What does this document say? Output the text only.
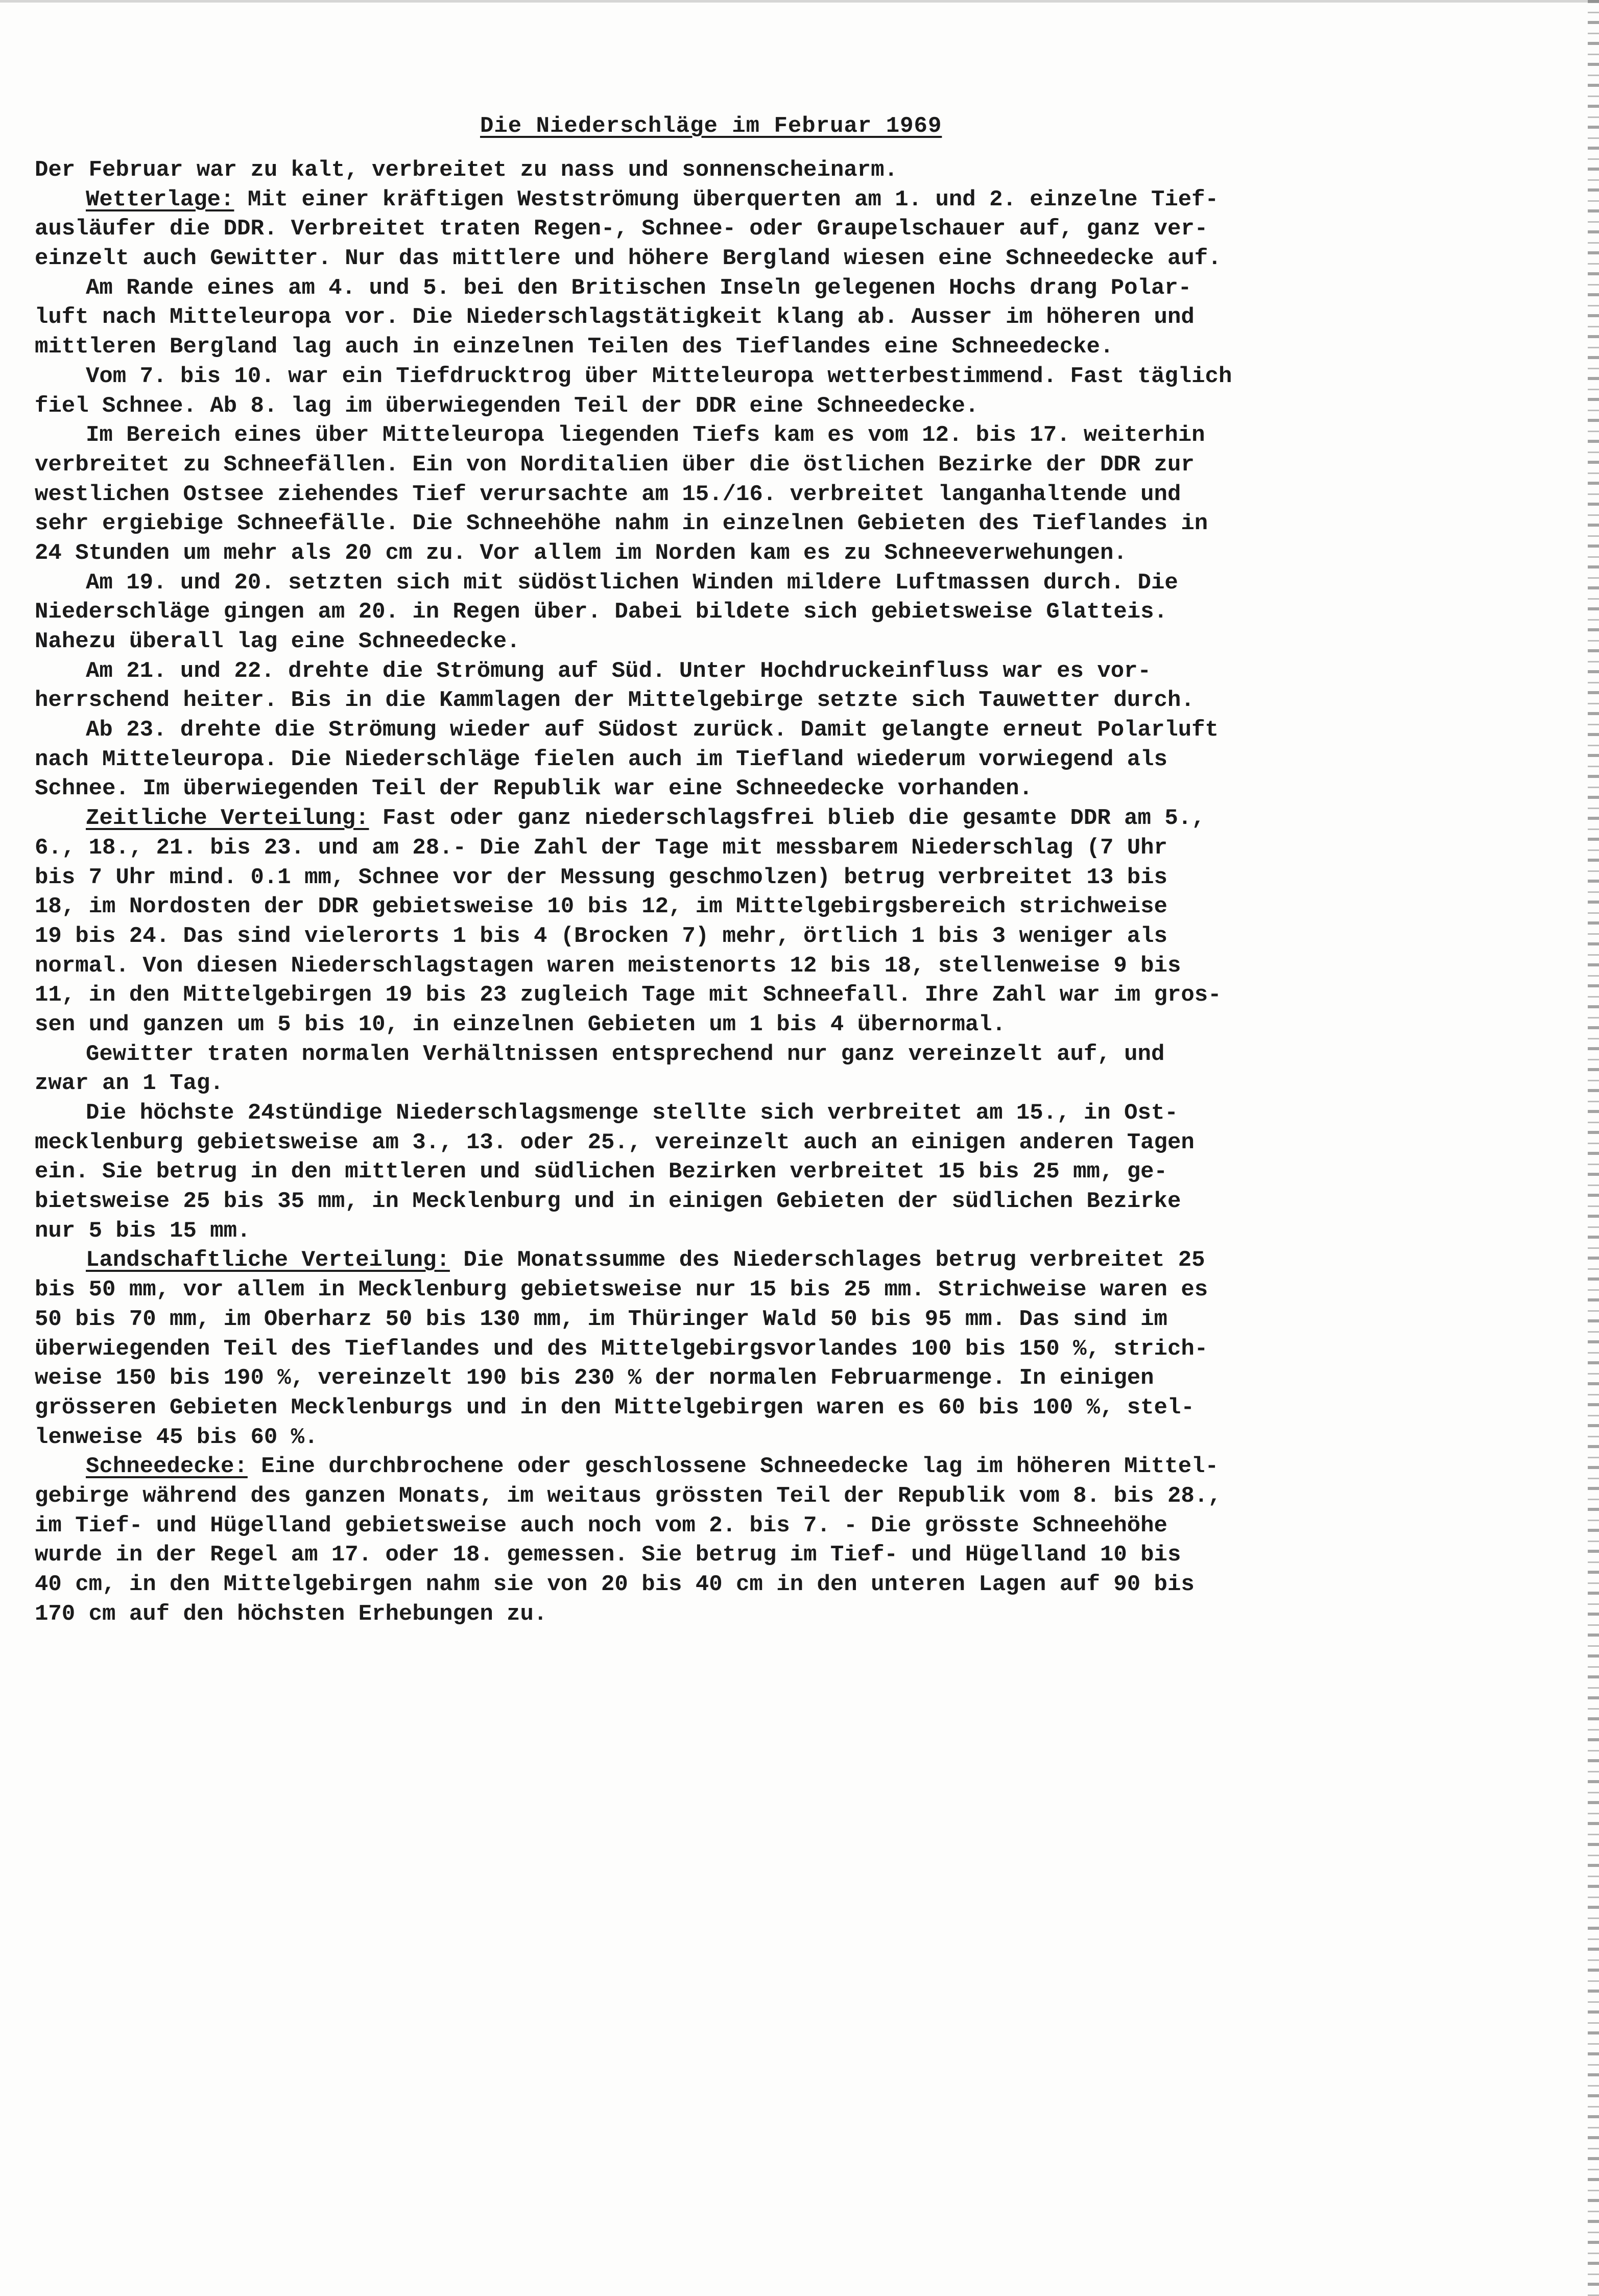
Die Niederschläge im Februar 1969
Der Februar war zu kalt, verbreitet zu nass und sonnenscheinarm.
Wetterlage: Mit einer kräftigen Westströmung überquerten am 1. und 2. einzelne Tief-
ausläufer die DDR. Verbreitet traten Regen-, Schnee- oder Graupelschauer auf, ganz ver-
einzelt auch Gewitter. Nur das mittlere und höhere Bergland wiesen eine Schneedecke auf.
Am Rande eines am 4. und 5. bei den Britischen Inseln gelegenen Hochs drang Polar-
luft nach Mitteleuropa vor. Die Niederschlagstätigkeit klang ab. Ausser im höheren und
mittleren Bergland lag auch in einzelnen Teilen des Tieflandes eine Schneedecke.
Vom 7. bis 10. war ein Tiefdrucktrog über Mitteleuropa wetterbestimmend. Fast täglich
fiel Schnee. Ab 8. lag im überwiegenden Teil der DDR eine Schneedecke.
Im Bereich eines über Mitteleuropa liegenden Tiefs kam es vom 12. bis 17. weiterhin
verbreitet zu Schneefällen. Ein von Norditalien über die östlichen Bezirke der DDR zur
westlichen Ostsee ziehendes Tief verursachte am 15./16. verbreitet langanhaltende und
sehr ergiebige Schneefälle. Die Schneehöhe nahm in einzelnen Gebieten des Tieflandes in
24 Stunden um mehr als 20 cm zu. Vor allem im Norden kam es zu Schneeverwehungen.
Am 19. und 20. setzten sich mit südöstlichen Winden mildere Luftmassen durch. Die
Niederschläge gingen am 20. in Regen über. Dabei bildete sich gebietsweise Glatteis.
Nahezu überall lag eine Schneedecke.
Am 21. und 22. drehte die Strömung auf Süd. Unter Hochdruckeinfluss war es vor-
herrschend heiter. Bis in die Kammlagen der Mittelgebirge setzte sich Tauwetter durch.
Ab 23. drehte die Strömung wieder auf Südost zurück. Damit gelangte erneut Polarluft
nach Mitteleuropa. Die Niederschläge fielen auch im Tiefland wiederum vorwiegend als
Schnee. Im überwiegenden Teil der Republik war eine Schneedecke vorhanden.
Zeitliche Verteilung: Fast oder ganz niederschlagsfrei blieb die gesamte DDR am 5.,
6., 18., 21. bis 23. und am 28.- Die Zahl der Tage mit messbarem Niederschlag (7 Uhr
bis 7 Uhr mind. 0.1 mm, Schnee vor der Messung geschmolzen) betrug verbreitet 13 bis
18, im Nordosten der DDR gebietsweise 10 bis 12, im Mittelgebirgsbereich strichweise
19 bis 24. Das sind vielerorts 1 bis 4 (Brocken 7) mehr, örtlich 1 bis 3 weniger als
normal. Von diesen Niederschlagstagen waren meistenorts 12 bis 18, stellenweise 9 bis
11, in den Mittelgebirgen 19 bis 23 zugleich Tage mit Schneefall. Ihre Zahl war im gros-
sen und ganzen um 5 bis 10, in einzelnen Gebieten um 1 bis 4 übernormal.
Gewitter traten normalen Verhältnissen entsprechend nur ganz vereinzelt auf, und
zwar an 1 Tag.
Die höchste 24stündige Niederschlagsmenge stellte sich verbreitet am 15., in Ost-
mecklenburg gebietsweise am 3., 13. oder 25., vereinzelt auch an einigen anderen Tagen
ein. Sie betrug in den mittleren und südlichen Bezirken verbreitet 15 bis 25 mm, ge-
bietsweise 25 bis 35 mm, in Mecklenburg und in einigen Gebieten der südlichen Bezirke
nur 5 bis 15 mm.
Landschaftliche Verteilung: Die Monatssumme des Niederschlages betrug verbreitet 25
bis 50 mm, vor allem in Mecklenburg gebietsweise nur 15 bis 25 mm. Strichweise waren es
50 bis 70 mm, im Oberharz 50 bis 130 mm, im Thüringer Wald 50 bis 95 mm. Das sind im
überwiegenden Teil des Tieflandes und des Mittelgebirgsvorlandes 100 bis 150 %, strich-
weise 150 bis 190 %, vereinzelt 190 bis 230 % der normalen Februarmenge. In einigen
grösseren Gebieten Mecklenburgs und in den Mittelgebirgen waren es 60 bis 100 %, stel-
lenweise 45 bis 60 %.
Schneedecke: Eine durchbrochene oder geschlossene Schneedecke lag im höheren Mittel-
gebirge während des ganzen Monats, im weitaus grössten Teil der Republik vom 8. bis 28.,
im Tief- und Hügelland gebietsweise auch noch vom 2. bis 7. - Die grösste Schneehöhe
wurde in der Regel am 17. oder 18. gemessen. Sie betrug im Tief- und Hügelland 10 bis
40 cm, in den Mittelgebirgen nahm sie von 20 bis 40 cm in den unteren Lagen auf 90 bis
170 cm auf den höchsten Erhebungen zu.
